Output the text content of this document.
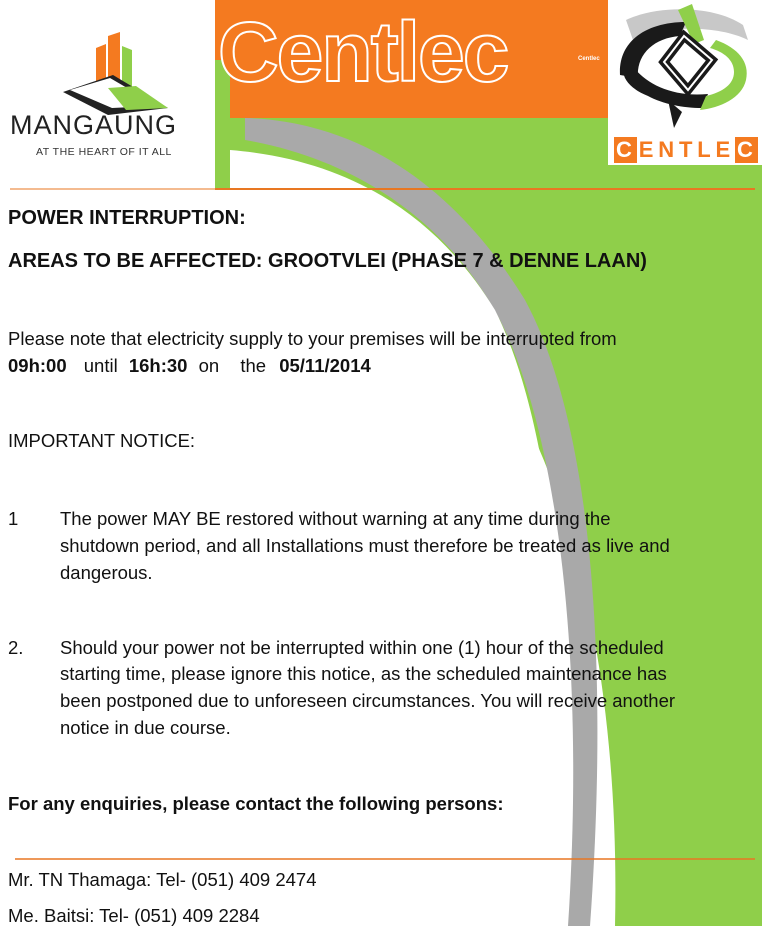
MANGAUNG
AT THE HEART OF IT ALL
Centlec	Centlec

C E N T L E C
POWER INTERRUPTION:
AREAS TO BE AFFECTED: GROOTVLEI (PHASE 7 & DENNE LAAN)
Please note that electricity supply to your premises will be interrupted from
09h:00 until 16h:30 on the 05/11/2014
IMPORTANT NOTICE:
1 The power MAY BE restored without warning at any time during the
shutdown period, and all Installations must therefore be treated as live and
dangerous.
2. Should your power not be interrupted within one (1) hour of the scheduled
starting time, please ignore this notice, as the scheduled maintenance has
been postponed due to unforeseen circumstances. You will receive another
notice in due course.
For any enquiries, please contact the following persons:
Mr. TN Thamaga: Tel- (051) 409 2474
Me. Baitsi: Tel- (051) 409 2284
